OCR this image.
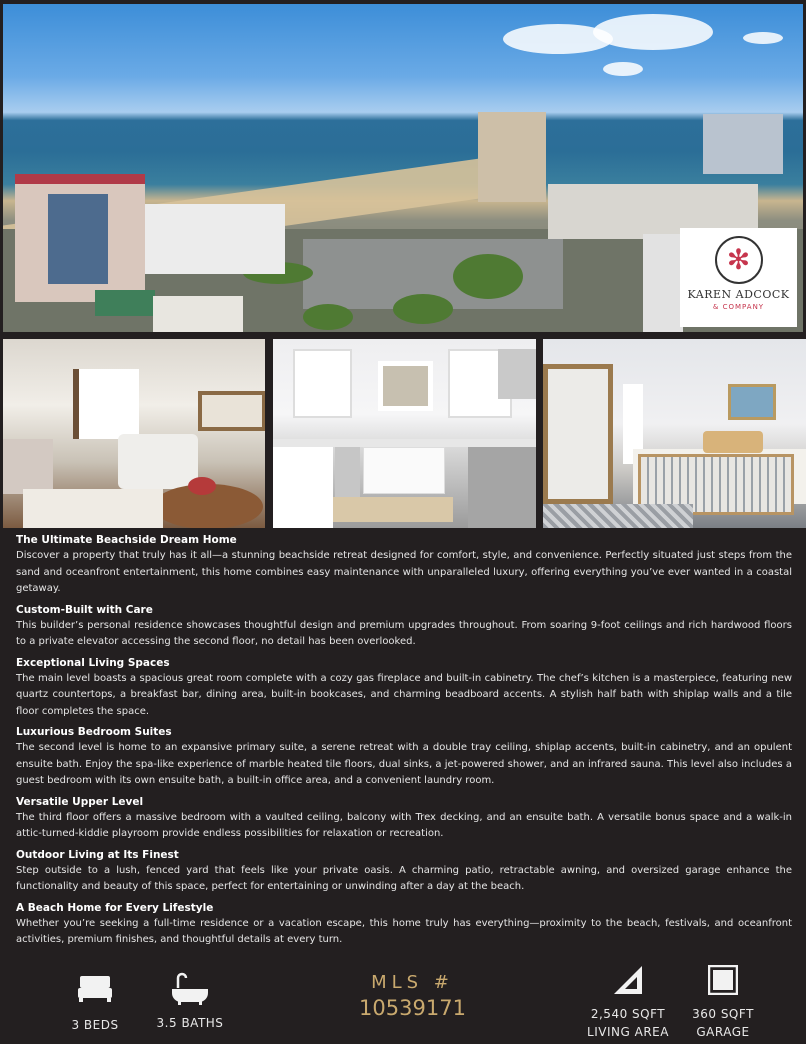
✻
KAREN ADCOCK
& COMPANY
The Ultimate Beachside Dream Home

Discover a property that truly has it all—a stunning beachside retreat designed for comfort, style, and convenience. Perfectly situated just steps from the sand and oceanfront entertainment, this home combines easy maintenance with unparalleled luxury, offering everything you’ve ever wanted in a coastal getaway.

Custom-Built with Care

This builder’s personal residence showcases thoughtful design and premium upgrades throughout. From soaring 9-foot ceilings and rich hardwood floors to a private elevator accessing the second floor, no detail has been overlooked.

Exceptional Living Spaces

The main level boasts a spacious great room complete with a cozy gas fireplace and built-in cabinetry. The chef’s kitchen is a masterpiece, featuring new quartz countertops, a breakfast bar, dining area, built-in bookcases, and charming beadboard accents. A stylish half bath with shiplap walls and a tile floor completes the space.

Luxurious Bedroom Suites

The second level is home to an expansive primary suite, a serene retreat with a double tray ceiling, shiplap accents, built-in cabinetry, and an opulent ensuite bath. Enjoy the spa-like experience of marble heated tile floors, dual sinks, a jet-powered shower, and an infrared sauna. This level also includes a guest bedroom with its own ensuite bath, a built-in office area, and a convenient laundry room.

Versatile Upper Level

The third floor offers a massive bedroom with a vaulted ceiling, balcony with Trex decking, and an ensuite bath. A versatile bonus space and a walk-in attic-turned-kiddie playroom provide endless possibilities for relaxation or recreation.

Outdoor Living at Its Finest

Step outside to a lush, fenced yard that feels like your private oasis. A charming patio, retractable awning, and oversized garage enhance the functionality and beauty of this space, perfect for entertaining or unwinding after a day at the beach.

A Beach Home for Every Lifestyle

Whether you’re seeking a full-time residence or a vacation escape, this home truly has everything—proximity to the beach, festivals, and oceanfront activities, premium finishes, and thoughtful details at every turn.

3 BEDS	3.5 BATHS
MLS #
10539171	2,540 SQFT
LIVING AREA
360 SQFT
GARAGE
